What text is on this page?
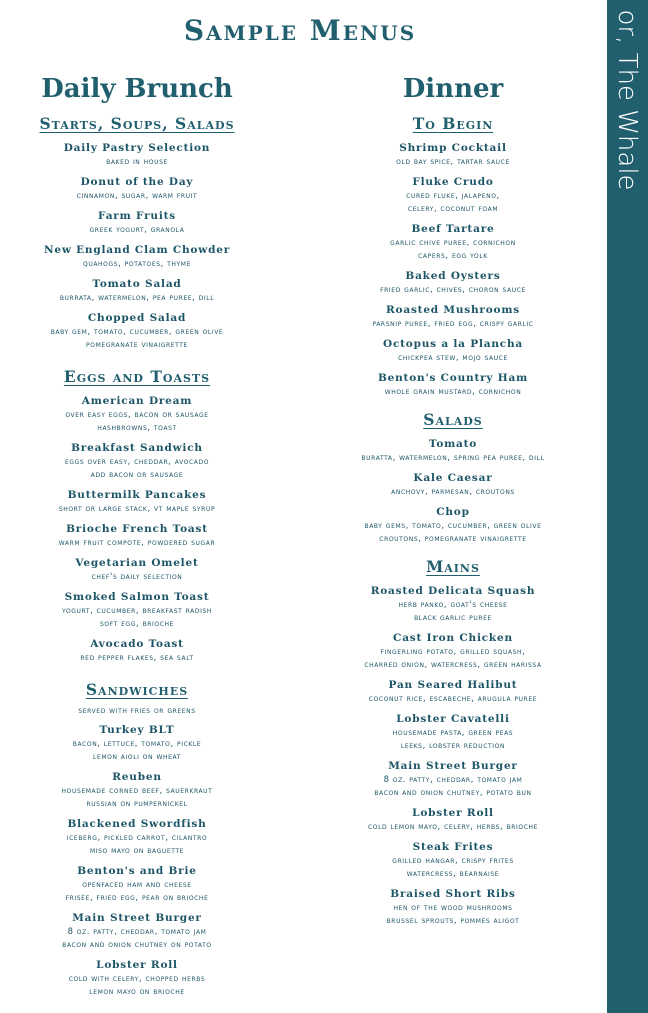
or, The Whale
Sample Menus
Daily Brunch
Starts, Soups, Salads
Daily Pastry Selection
baked in house
Donut of the Day
cinnamon, sugar, warm fruit
Farm Fruits
greek yogurt, granola
New England Clam Chowder
quahogs, potatoes, thyme
Tomato Salad
burrata, watermelon, pea puree, dill
Chopped Salad
baby gem, tomato, cucumber, green olive
pomegranate vinaigrette
Eggs and Toasts
American Dream
over easy eggs, bacon or sausage
hashbrowns, toast
Breakfast Sandwich
eggs over easy, cheddar, avocado
add bacon or sausage
Buttermilk Pancakes
short or large stack, vt maple syrup
Brioche French Toast
warm fruit compote, powdered sugar
Vegetarian Omelet
chef's daily selection
Smoked Salmon Toast
yogurt, cucumber, breakfast radish
soft egg, brioche
Avocado Toast
red pepper flakes, sea salt
Sandwiches
served with fries or greens
Turkey BLT
bacon, lettuce, tomato, pickle
lemon aioli on wheat
Reuben
housemade corned beef, sauerkraut
russian on pumpernickel
Blackened Swordfish
iceberg, pickled carrot, cilantro
miso mayo on baguette
Benton's and Brie
openfaced ham and cheese
frisée, fried egg, pear on brioche
Main Street Burger
8 oz. patty, cheddar, tomato jam
bacon and onion chutney on potato
Lobster Roll
cold with celery, chopped herbs
lemon mayo on brioche
Dinner
To Begin
Shrimp Cocktail
old bay spice, tartar sauce
Fluke Crudo
cured fluke, jalapeno,
celery, coconut foam
Beef Tartare
garlic chive puree, cornichon
capers, egg yolk
Baked Oysters
fried garlic, chives, choron sauce
Roasted Mushrooms
parsnip puree, fried egg, crispy garlic
Octopus a la Plancha
chickpea stew, mojo sauce
Benton's Country Ham
whole grain mustard, cornichon
Salads
Tomato
buratta, watermelon, spring pea puree, dill
Kale Caesar
anchovy, parmesan, croutons
Chop
baby gems, tomato, cucumber, green olive
croutons, pomegranate vinaigrette
Mains
Roasted Delicata Squash
herb panko, goat's cheese
black garlic puree
Cast Iron Chicken
fingerling potato, grilled squash,
charred onion, watercress, green harissa
Pan Seared Halibut
coconut rice, escabeche, arugula puree
Lobster Cavatelli
housemade pasta, green peas
leeks, lobster reduction
Main Street Burger
8 oz. patty, cheddar, tomato jam
bacon and onion chutney, potato bun
Lobster Roll
cold lemon mayo, celery, herbs, brioche
Steak Frites
grilled hangar, crispy frites
watercress, bearnaise
Braised Short Ribs
hen of the wood mushrooms
brussel sprouts, pommes aligot
